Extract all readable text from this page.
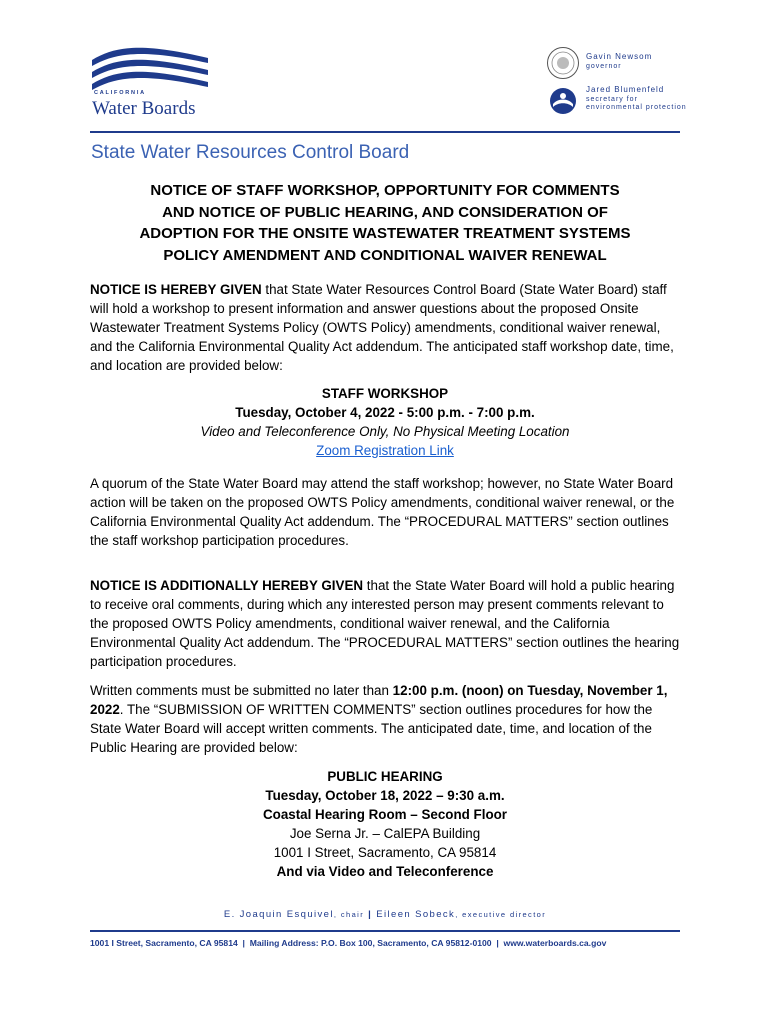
CALIFORNIA
Water Boards
Gavin Newsom
governor
Jared Blumenfeld
secretary for
environmental protection
State Water Resources Control Board
NOTICE OF STAFF WORKSHOP, OPPORTUNITY FOR COMMENTS
AND NOTICE OF PUBLIC HEARING, AND CONSIDERATION OF
ADOPTION FOR THE ONSITE WASTEWATER TREATMENT SYSTEMS
POLICY AMENDMENT AND CONDITIONAL WAIVER RENEWAL
NOTICE IS HEREBY GIVEN that State Water Resources Control Board (State Water Board) staff will hold a workshop to present information and answer questions about the proposed Onsite Wastewater Treatment Systems Policy (OWTS Policy) amendments, conditional waiver renewal, and the California Environmental Quality Act addendum. The anticipated staff workshop date, time, and location are provided below:
STAFF WORKSHOP
Tuesday, October 4, 2022 - 5:00 p.m. - 7:00 p.m.
Video and Teleconference Only, No Physical Meeting Location
Zoom Registration Link
A quorum of the State Water Board may attend the staff workshop; however, no State Water Board action will be taken on the proposed OWTS Policy amendments, conditional waiver renewal, or the California Environmental Quality Act addendum. The “PROCEDURAL MATTERS” section outlines the staff workshop participation procedures.
NOTICE IS ADDITIONALLY HEREBY GIVEN that the State Water Board will hold a public hearing to receive oral comments, during which any interested person may present comments relevant to the proposed OWTS Policy amendments, conditional waiver renewal, and the California Environmental Quality Act addendum. The “PROCEDURAL MATTERS” section outlines the hearing participation procedures.
Written comments must be submitted no later than 12:00 p.m. (noon) on Tuesday, November 1, 2022. The “SUBMISSION OF WRITTEN COMMENTS” section outlines procedures for how the State Water Board will accept written comments. The anticipated date, time, and location of the Public Hearing are provided below:
PUBLIC HEARING
Tuesday, October 18, 2022 – 9:30 a.m.
Coastal Hearing Room – Second Floor
Joe Serna Jr. – CalEPA Building
1001 I Street, Sacramento, CA 95814
And via Video and Teleconference
E. Joaquin Esquivel, chair | Eileen Sobeck, executive director
1001 I Street, Sacramento, CA 95814  |  Mailing Address: P.O. Box 100, Sacramento, CA 95812-0100  |  www.waterboards.ca.gov
